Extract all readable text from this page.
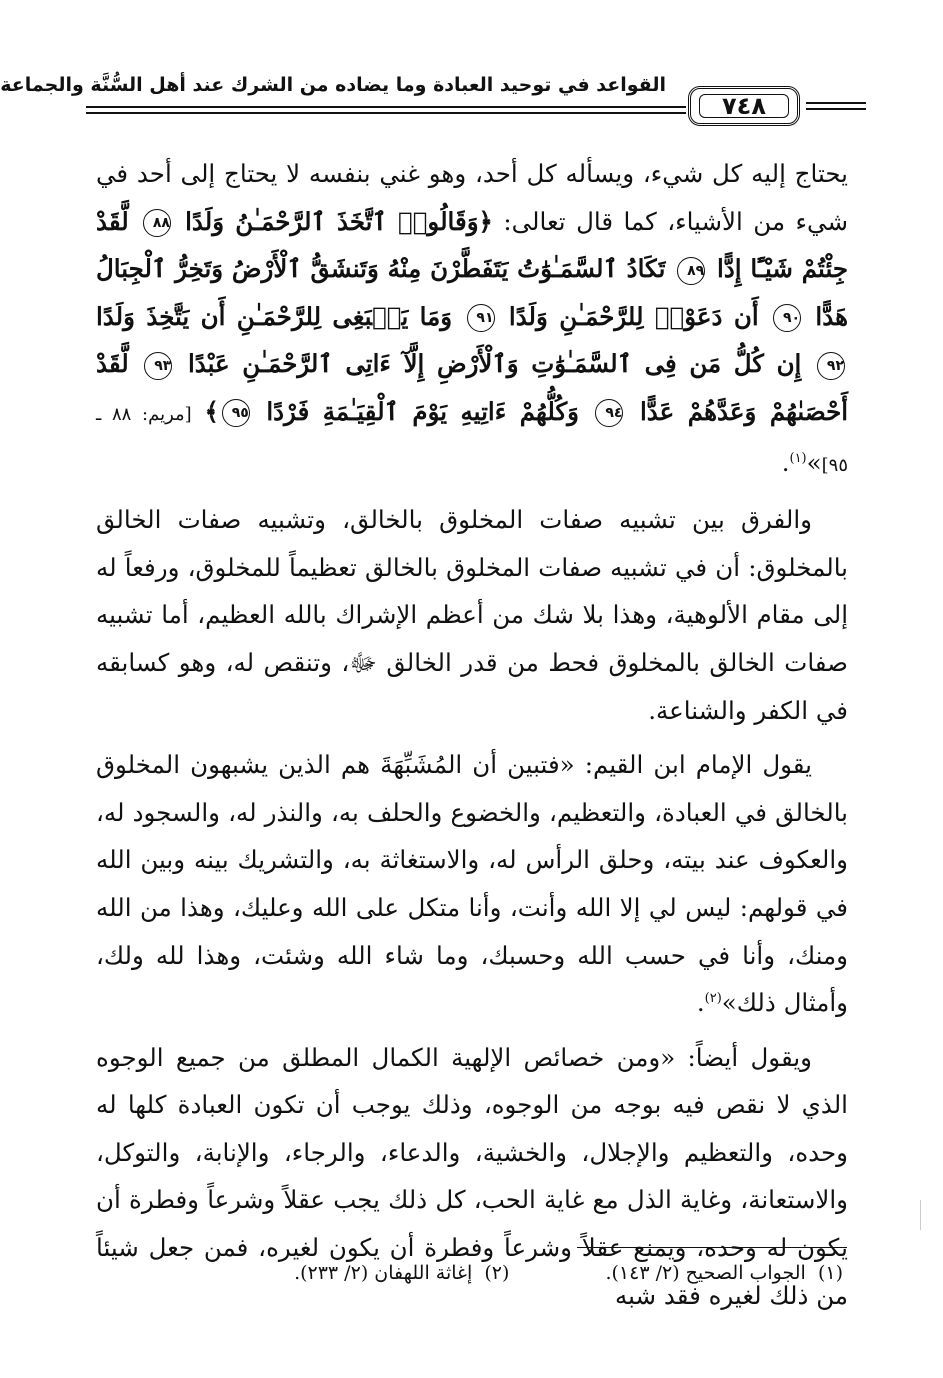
القواعد في توحيد العبادة وما يضاده من الشرك عند أهل السُّنَّة والجماعة
٧٤٨

يحتاج إليه كل شيء، ويسأله كل أحد، وهو غني بنفسه لا يحتاج إلى أحد في شيء من الأشياء، كما قال تعالى: ﴿وَقَالُوا۟ ٱتَّخَذَ ٱلرَّحْمَـٰنُ وَلَدًا ٨٨ لَّقَدْ جِئْتُمْ شَيْـًٔا إِدًّا ٨٩ تَكَادُ ٱلسَّمَـٰوَٰتُ يَتَفَطَّرْنَ مِنْهُ وَتَنشَقُّ ٱلْأَرْضُ وَتَخِرُّ ٱلْجِبَالُ هَدًّا ٩٠ أَن دَعَوْا۟ لِلرَّحْمَـٰنِ وَلَدًا ٩١ وَمَا يَنۢبَغِى لِلرَّحْمَـٰنِ أَن يَتَّخِذَ وَلَدًا ٩٢ إِن كُلُّ مَن فِى ٱلسَّمَـٰوَٰتِ وَٱلْأَرْضِ إِلَّآ ءَاتِى ٱلرَّحْمَـٰنِ عَبْدًا ٩٣ لَّقَدْ أَحْصَىٰهُمْ وَعَدَّهُمْ عَدًّا ٩٤ وَكُلُّهُمْ ءَاتِيهِ يَوْمَ ٱلْقِيَـٰمَةِ فَرْدًا ٩٥﴾ [مريم: ٨٨ ـ ٩٥]»$^{(١)}$.

والفرق بين تشبيه صفات المخلوق بالخالق، وتشبيه صفات الخالق بالمخلوق: أن في تشبيه صفات المخلوق بالخالق تعظيماً للمخلوق، ورفعاً له إلى مقام الألوهية، وهذا بلا شك من أعظم الإشراك بالله العظيم، أما تشبيه صفات الخالق بالمخلوق فحط من قدر الخالق ﷻ، وتنقص له، وهو كسابقه في الكفر والشناعة.

يقول الإمام ابن القيم: «فتبين أن المُشَبِّهَةَ هم الذين يشبهون المخلوق بالخالق في العبادة، والتعظيم، والخضوع والحلف به، والنذر له، والسجود له، والعكوف عند بيته، وحلق الرأس له، والاستغاثة به، والتشريك بينه وبين الله في قولهم: ليس لي إلا الله وأنت، وأنا متكل على الله وعليك، وهذا من الله ومنك، وأنا في حسب الله وحسبك، وما شاء الله وشئت، وهذا لله ولك، وأمثال ذلك»$^{(٢)}$.

ويقول أيضاً: «ومن خصائص الإلهية الكمال المطلق من جميع الوجوه الذي لا نقص فيه بوجه من الوجوه، وذلك يوجب أن تكون العبادة كلها له وحده، والتعظيم والإجلال، والخشية، والدعاء، والرجاء، والإنابة، والتوكل، والاستعانة، وغاية الذل مع غاية الحب، كل ذلك يجب عقلاً وشرعاً وفطرة أن يكون له وحده، ويمنع عقلاً وشرعاً وفطرة أن يكون لغيره، فمن جعل شيئاً من ذلك لغيره فقد شبه

(١)  الجواب الصحيح (٢/ ١٤٣). (٢)  إغاثة اللهفان (٢/ ٢٣٣).
